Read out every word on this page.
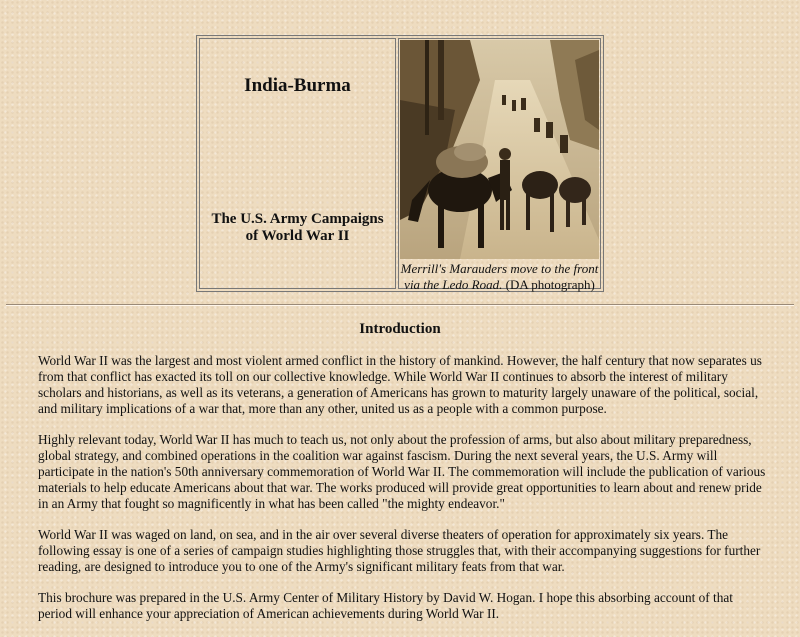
India-Burma
The U.S. Army Campaigns
of World War II
Merrill's Marauders move to the front
via the Ledo Road. (DA photograph)
Introduction

World War II was the largest and most violent armed conflict in the history of mankind. However, the half century that now separates us from that conflict has exacted its toll on our collective knowledge. While World War II continues to absorb the interest of military scholars and historians, as well as its veterans, a generation of Americans has grown to maturity largely unaware of the political, social, and military implications of a war that, more than any other, united us as a people with a common purpose.

Highly relevant today, World War II has much to teach us, not only about the profession of arms, but also about military preparedness, global strategy, and combined operations in the coalition war against fascism. During the next several years, the U.S. Army will participate in the nation's 50th anniversary commemoration of World War II. The commemoration will include the publication of various materials to help educate Americans about that war. The works produced will provide great opportunities to learn about and renew pride in an Army that fought so magnificently in what has been called "the mighty endeavor."

World War II was waged on land, on sea, and in the air over several diverse theaters of operation for approximately six years. The following essay is one of a series of campaign studies highlighting those struggles that, with their accompanying suggestions for further reading, are designed to introduce you to one of the Army's significant military feats from that war.

This brochure was prepared in the U.S. Army Center of Military History by David W. Hogan. I hope this absorbing account of that period will enhance your appreciation of American achievements during World War II.
